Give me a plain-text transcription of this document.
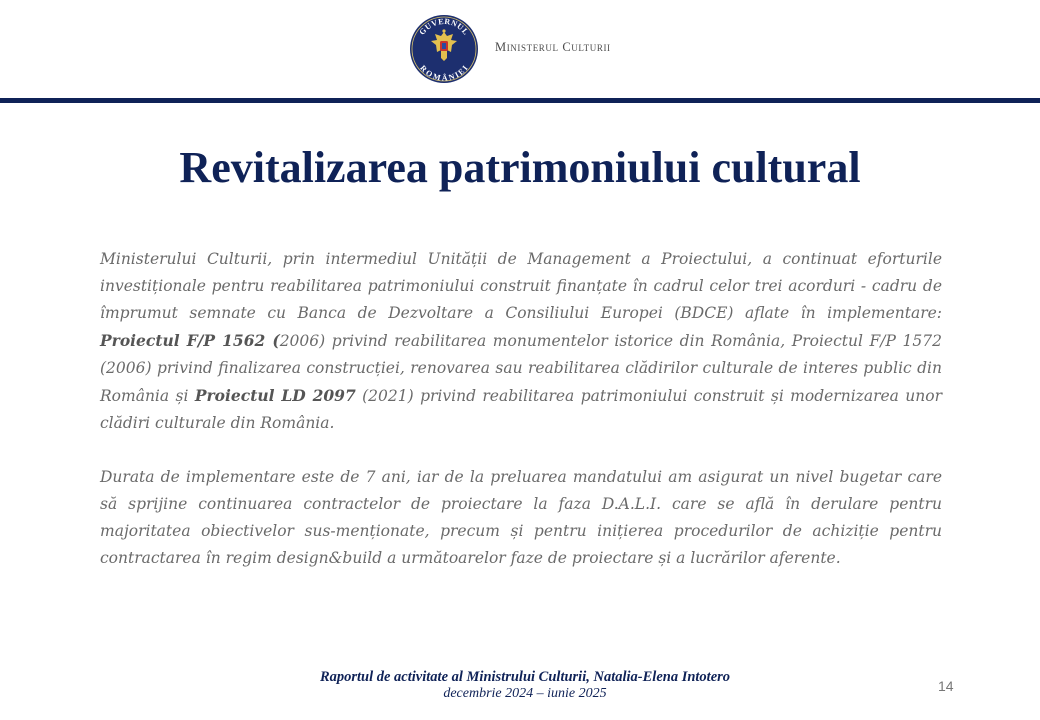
GUVERNUL
ROMÂNIEI
Ministerul Culturii
Revitalizarea patrimoniului cultural

Ministerului Culturii, prin intermediul Unității de Management a Proiectului, a continuat eforturile investiționale pentru reabilitarea patrimoniului construit finanțate în cadrul celor trei acorduri - cadru de împrumut semnate cu Banca de Dezvoltare a Consiliului Europei (BDCE) aflate în implementare: Proiectul F/P 1562 (2006) privind reabilitarea monumentelor istorice din România, Proiectul F/P 1572 (2006) privind finalizarea construcției, renovarea sau reabilitarea clădirilor culturale de interes public din România și Proiectul LD 2097 (2021) privind reabilitarea patrimoniului construit și modernizarea unor clădiri culturale din România.

Durata de implementare este de 7 ani, iar de la preluarea mandatului am asigurat un nivel bugetar care să sprijine continuarea contractelor de proiectare la faza D.A.L.I. care se află în derulare pentru majoritatea obiectivelor sus-menționate, precum și pentru inițierea procedurilor de achiziție pentru contractarea în regim design&build a următoarelor faze de proiectare și a lucrărilor aferente.

Raportul de activitate al Ministrului Culturii, Natalia-Elena Intotero
decembrie 2024 – iunie 2025	14
